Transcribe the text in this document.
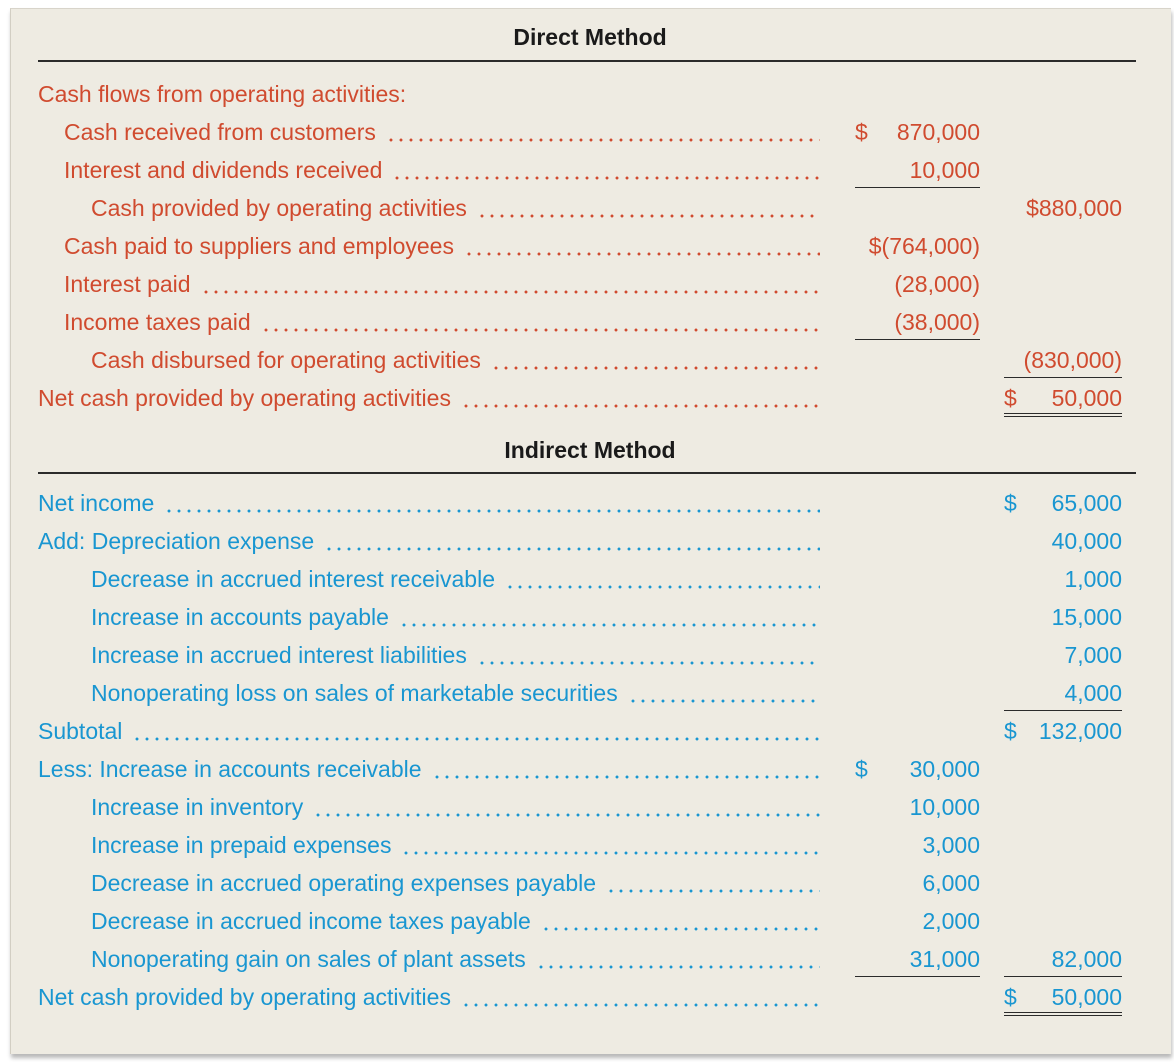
Direct Method
Cash flows from operating activities:
Cash received from customers	$ 870,000
Interest and dividends received	10,000
Cash provided by operating activities	$880,000
Cash paid to suppliers and employees	$(764,000)
Interest paid	(28,000)
Income taxes paid	(38,000)
Cash disbursed for operating activities	(830,000)
Net cash provided by operating activities	$ 50,000
Indirect Method
Net income	$ 65,000
Add: Depreciation expense	40,000
Decrease in accrued interest receivable	1,000
Increase in accounts payable	15,000
Increase in accrued interest liabilities	7,000
Nonoperating loss on sales of marketable securities	4,000
Subtotal	$ 132,000
Less: Increase in accounts receivable	$ 30,000
Increase in inventory	10,000
Increase in prepaid expenses	3,000
Decrease in accrued operating expenses payable	6,000
Decrease in accrued income taxes payable	2,000
Nonoperating gain on sales of plant assets	31,000	82,000
Net cash provided by operating activities	$ 50,000
